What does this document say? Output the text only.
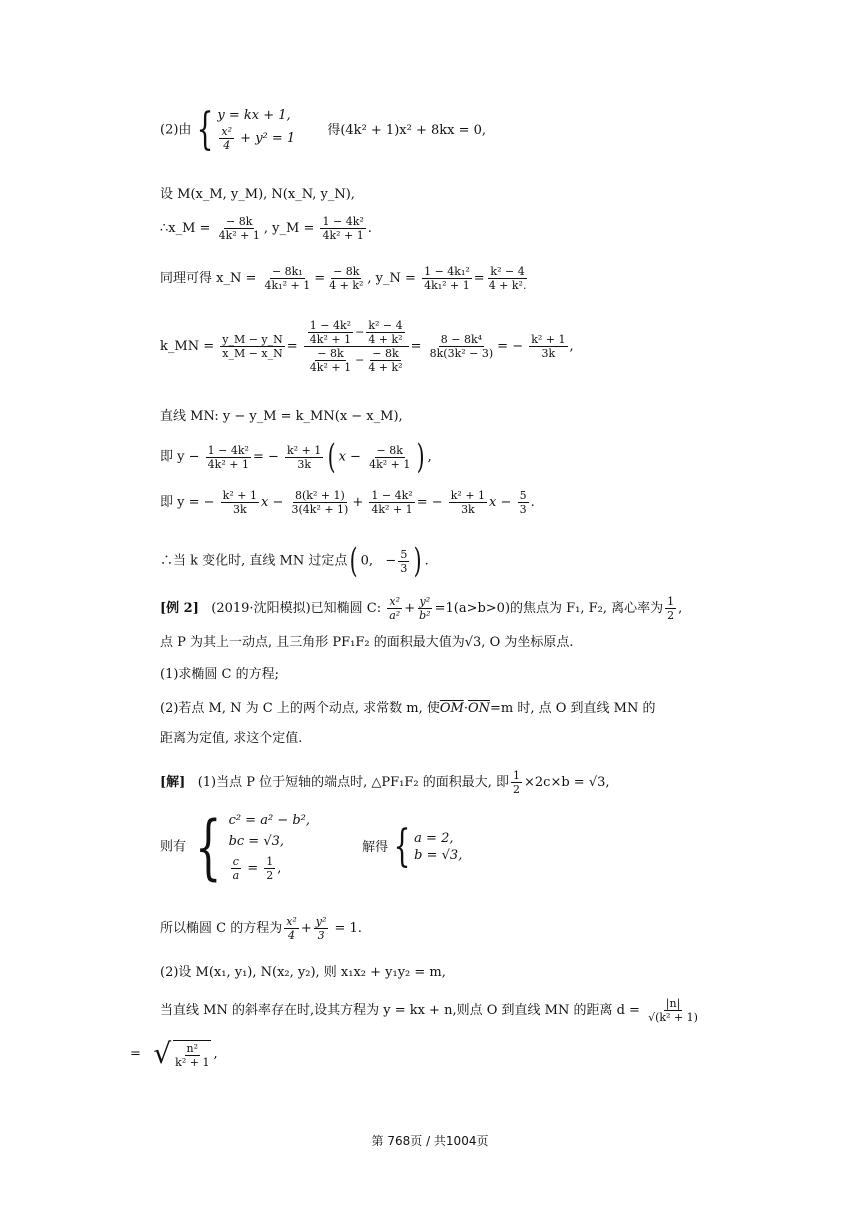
(2)由 { y = kx + 1,
$\frac{\text{x²}}{4} + y^2 = 1$
得(4k² + 1)x² + 8kx = 0,
设 M(x_M, y_M), N(x_N, y_N),
∴x_M = $\frac{- 8k}{\text{4k² + 1}}$ , y_M = $\frac{\text{1 − 4k²}}{\text{4k² + 1}}$ .
同理可得 x_N = $\frac{\text{− 8k₁}}{\text{4k₁² + 1}} = \frac{- 8k}{\text{4 + k²}}$ , y_N = $\frac{\text{1 − 4k₁²}}{\text{4k₁² + 1}} = \frac{\text{k² − 4}}{\text{4 + k².}}$
k_MN = $\frac{y\_M - y\_N}{x\_M - x\_N} = \frac{\frac{\text{1 − 4k²}}{\text{4k² + 1}} - \frac{\text{k² − 4}}{\text{4 + k²}}}{\frac{- 8k}{\text{4k² + 1}} - \frac{- 8k}{\text{4 + k²}}} = \frac{\text{8 − 8k⁴}}{\text{8k(3k² − 3)}}$ = − $\frac{\text{k² + 1}}{3k}$ ,
直线 MN: y − y_M = k_MN(x − x_M),
即 $y - \frac{\text{1 − 4k²}}{\text{4k² + 1}}$ = − $\frac{\text{k² + 1}}{3k}$ ( $x - \frac{- 8k}{\text{4k² + 1}}$ ) ,
即 y = − $\frac{\text{k² + 1}}{3k}$ $x - \frac{\text{8(k² + 1)}}{\text{3(4k² + 1)}} + \frac{\text{1 − 4k²}}{\text{4k² + 1}}$ = − $\frac{\text{k² + 1}}{3k}$ $x - \frac{5}{3}$ .
∴当 k 变化时, 直线 MN 过定点( 0,   − $\frac{5}{3}$ ) .
[例 2] (2019·沈阳模拟)已知椭圆 C: $\frac{\text{x²}}{\text{a²}} + \frac{\text{y²}}{\text{b²}} =1(a>b>0)$的焦点为 F₁, F₂, 离心率为 $\frac{1}{2}$ ,
点 P 为其上一动点, 且三角形 PF₁F₂ 的面积最大值为√3, O 为坐标原点.
(1)求椭圆 C 的方程;
(2)若点 M, N 为 C 上的两个动点, 求常数 m, 使$\overline{OM}\cdot\overline{ON}=m$ 时, 点 O 到直线 MN 的
距离为定值, 求这个定值.
[解] (1)当点 P 位于短轴的端点时, △PF₁F₂ 的面积最大, 即 $\frac{1}{2} \times 2c\times b = √3$,
则有 { c² = a² − b²,
bc = √3,
$\frac{c}{a} = \frac{1}{2}$ ,
解得 { a = 2,
b = √3,
所以椭圆 C 的方程为 $\frac{\text{x²}}{4} + \frac{\text{y²}}{3} = 1$.
(2)设 M(x₁, y₁), N(x₂, y₂), 则 x₁x₂ + y₁y₂ = m,
当直线 MN 的斜率存在时,设其方程为 y = kx + n,则点 O 到直线 MN 的距离 $d = \frac{|n|}{\text{√(k² + 1)}}$
= √ $\frac{\text{n²}}{\text{k² + 1}}$ ,
第 768页 / 共1004页
